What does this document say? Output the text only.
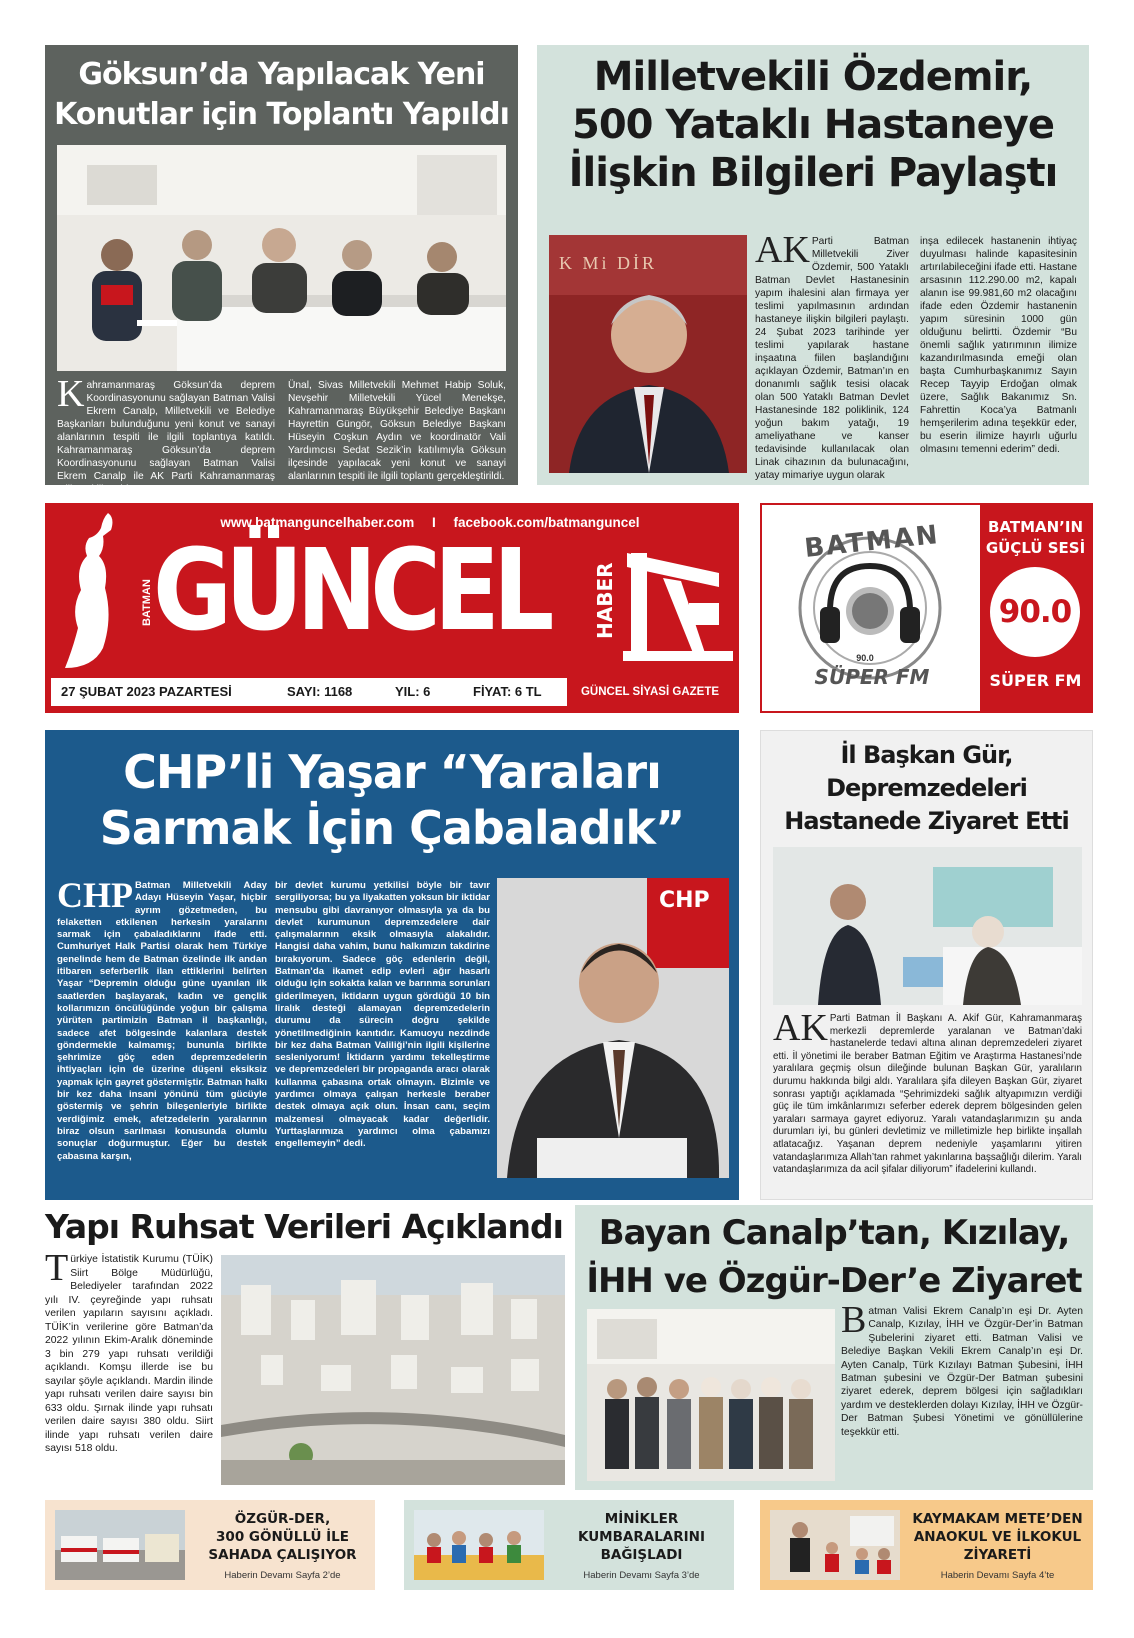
Göksun’da Yapılacak Yeni
Konutlar için Toplantı Yapıldı
Kahramanmaraş Göksun’da deprem Koordinasyonunu sağlayan Batman Valisi Ekrem Canalp, Milletvekili ve Belediye Başkanları bulunduğunu yeni konut ve sanayi alanlarının tespiti ile ilgili toplantıya katıldı. Kahramanmaraş Göksun’da deprem Koordinasyonunu sağlayan Batman Valisi Ekrem Canalp ile AK Parti Kahramanmaraş Milletvekili Mahir
Ünal, Sivas Milletvekili Mehmet Habip Soluk, Nevşehir Milletvekili Yücel Menekşe, Kahramanmaraş Büyükşehir Belediye Başkanı Hayrettin Güngör, Göksun Belediye Başkanı Hüseyin Coşkun Aydın ve koordinatör Vali Yardımcısı Sedat Sezik’in katılımıyla Göksun ilçesinde yapılacak yeni konut ve sanayi alanlarının tespiti ile ilgili toplantı gerçekleştirildi.
Milletvekili Özdemir,
500 Yataklı Hastaneye
İlişkin Bilgileri Paylaştı
K Mi DİR	AK Parti Batman Milletvekili Ziver Özdemir, 500 Yataklı Batman Devlet Hastanesinin yapım ihalesini alan firmaya yer teslimi yapılmasının ardından hastaneye ilişkin bilgileri paylaştı. 24 Şubat 2023 tarihinde yer teslimi yapılarak hastane inşaatına fiilen başlandığını açıklayan Özdemir, Batman’ın en donanımlı sağlık tesisi olacak olan 500 Yataklı Batman Devlet Hastanesinde 182 poliklinik, 124 yoğun bakım yatağı, 19 ameliyathane ve kanser tedavisinde kullanılacak olan Linak cihazının da bulunacağını, yatay mimariye uygun olarak
inşa edilecek hastanenin ihtiyaç duyulması halinde kapasitesinin artırılabileceğini ifade etti. Hastane arsasının 112.290.00 m2, kapalı alanın ise 99.981,60 m2 olacağını ifade eden Özdemir hastanenin yapım süresinin 1000 gün olduğunu belirtti. Özdemir “Bu önemli sağlık yatırımının ilimize kazandırılmasında emeği olan başta Cumhurbaşkanımız Sayın Recep Tayyip Erdoğan olmak üzere, Sağlık Bakanımız Sn. Fahrettin Koca’ya Batmanlı hemşerilerim adına teşekkür eder, bu eserin ilimize hayırlı uğurlu olmasını temenni ederim” dedi.
www.batmanguncelhaber.com I facebook.com/batmanguncel
BATMAN GÜNCEL HABER
27 ŞUBAT 2023 PAZARTESİ	SAYI: 1168	YIL: 6	FİYAT: 6 TL	GÜNCEL SİYASİ GAZETE
BATMAN
90.0
SÜPER FM
BATMAN’IN
GÜÇLÜ SESİ
90.0
SÜPER FM
CHP’li Yaşar “Yaraları
Sarmak İçin Çabaladık”
CHP Batman Milletvekili Aday Adayı Hüseyin Yaşar, hiçbir ayrım gözetmeden, bu felaketten etkilenen herkesin yaralarını sarmak için çabaladıklarını ifade etti. Cumhuriyet Halk Partisi olarak hem Türkiye genelinde hem de Batman özelinde ilk andan itibaren seferberlik ilan ettiklerini belirten Yaşar “Depremin olduğu güne uyanılan ilk saatlerden başlayarak, kadın ve gençlik kollarımızın öncülüğünde yoğun bir çalışma yürüten partimizin Batman il başkanlığı, sadece afet bölgesinde kalanlara destek göndermekle kalmamış; bununla birlikte şehrimize göç eden depremzedelerin ihtiyaçları için de üzerine düşeni eksiksiz yapmak için gayret göstermiştir. Batman halkı bir kez daha insani yönünü tüm gücüyle göstermiş ve şehrin bileşenleriyle birlikte verdiğimiz emek, afetzedelerin yaralarının biraz olsun sarılması konusunda olumlu sonuçlar doğurmuştur. Eğer bu destek çabasına karşın,
bir devlet kurumu yetkilisi böyle bir tavır sergiliyorsa; bu ya liyakatten yoksun bir iktidar mensubu gibi davranıyor olmasıyla ya da bu devlet kurumunun depremzedelere dair çalışmalarının eksik olmasıyla alakalıdır. Hangisi daha vahim, bunu halkımızın takdirine bırakıyorum. Sadece göç edenlerin değil, Batman’da ikamet edip evleri ağır hasarlı olduğu için sokakta kalan ve barınma sorunları giderilmeyen, iktidarın uygun gördüğü 10 bin liralık desteği alamayan depremzedelerin durumu da sürecin doğru şekilde yönetilmediğinin kanıtıdır. Kamuoyu nezdinde bir kez daha Batman Valiliği’nin ilgili kişilerine sesleniyorum! İktidarın yardımı tekelleştirme ve depremzedeleri bir propaganda aracı olarak kullanma çabasına ortak olmayın. Bizimle ve yardımcı olmaya çalışan herkesle beraber destek olmaya açık olun. İnsan canı, seçim malzemesi olmayacak kadar değerlidir. Yurttaşlarımıza yardımcı olma çabamızı engellemeyin” dedi.
CHP
İl Başkan Gür,
Depremzedeleri
Hastanede Ziyaret Etti
AK Parti Batman İl Başkanı A. Akif Gür, Kahramanmaraş merkezli depremlerde yaralanan ve Batman’daki hastanelerde tedavi altına alınan depremzedeleri ziyaret etti. İl yönetimi ile beraber Batman Eğitim ve Araştırma Hastanesi’nde yaralılara geçmiş olsun dileğinde bulunan Başkan Gür, yaralıların durumu hakkında bilgi aldı. Yaralılara şifa dileyen Başkan Gür, ziyaret sonrası yaptığı açıklamada “Şehrimizdeki sağlık altyapımızın verdiği güç ile tüm imkânlarımızı seferber ederek deprem bölgesinden gelen yaraları sarmaya gayret ediyoruz. Yaralı vatandaşlarımızın şu anda durumları iyi, bu günleri devletimiz ve milletimizle hep birlikte inşallah atlatacağız. Yaşanan deprem nedeniyle yaşamlarını yitiren vatandaşlarımıza Allah’tan rahmet yakınlarına başsağlığı dilerim. Yaralı vatandaşlarımıza da acil şifalar diliyorum” ifadelerini kullandı.
Yapı Ruhsat Verileri Açıklandı
Türkiye İstatistik Kurumu (TÜİK) Siirt Bölge Müdürlüğü, Belediyeler tarafından 2022 yılı IV. çeyreğinde yapı ruhsatı verilen yapıların sayısını açıkladı. TÜİK’in verilerine göre Batman’da 2022 yılının Ekim-Aralık döneminde 3 bin 279 yapı ruhsatı verildiği açıklandı. Komşu illerde ise bu sayılar şöyle açıklandı. Mardin ilinde yapı ruhsatı verilen daire sayısı bin 633 oldu. Şırnak ilinde yapı ruhsatı verilen daire sayısı 380 oldu. Siirt ilinde yapı ruhsatı verilen daire sayısı 518 oldu.
Bayan Canalp’tan, Kızılay,
İHH ve Özgür-Der’e Ziyaret
Batman Valisi Ekrem Canalp’ın eşi Dr. Ayten Canalp, Kızılay, İHH ve Özgür-Der’in Batman Şubelerini ziyaret etti. Batman Valisi ve Belediye Başkan Vekili Ekrem Canalp’ın eşi Dr. Ayten Canalp, Türk Kızılayı Batman Şubesini, İHH Batman şubesini ve Özgür-Der Batman şubesini ziyaret ederek, deprem bölgesi için sağladıkları yardım ve desteklerden dolayı Kızılay, İHH ve Özgür-Der Batman Şubesi Yönetimi ve gönüllülerine teşekkür etti.
ÖZGÜR-DER,
300 GÖNÜLLÜ İLE
SAHADA ÇALIŞIYOR
Haberin Devamı Sayfa 2’de
MİNİKLER
KUMBARALARINI
BAĞIŞLADI
Haberin Devamı Sayfa 3’de
KAYMAKAM METE’DEN
ANAOKUL VE İLKOKUL
ZİYARETİ
Haberin Devamı Sayfa 4’te
